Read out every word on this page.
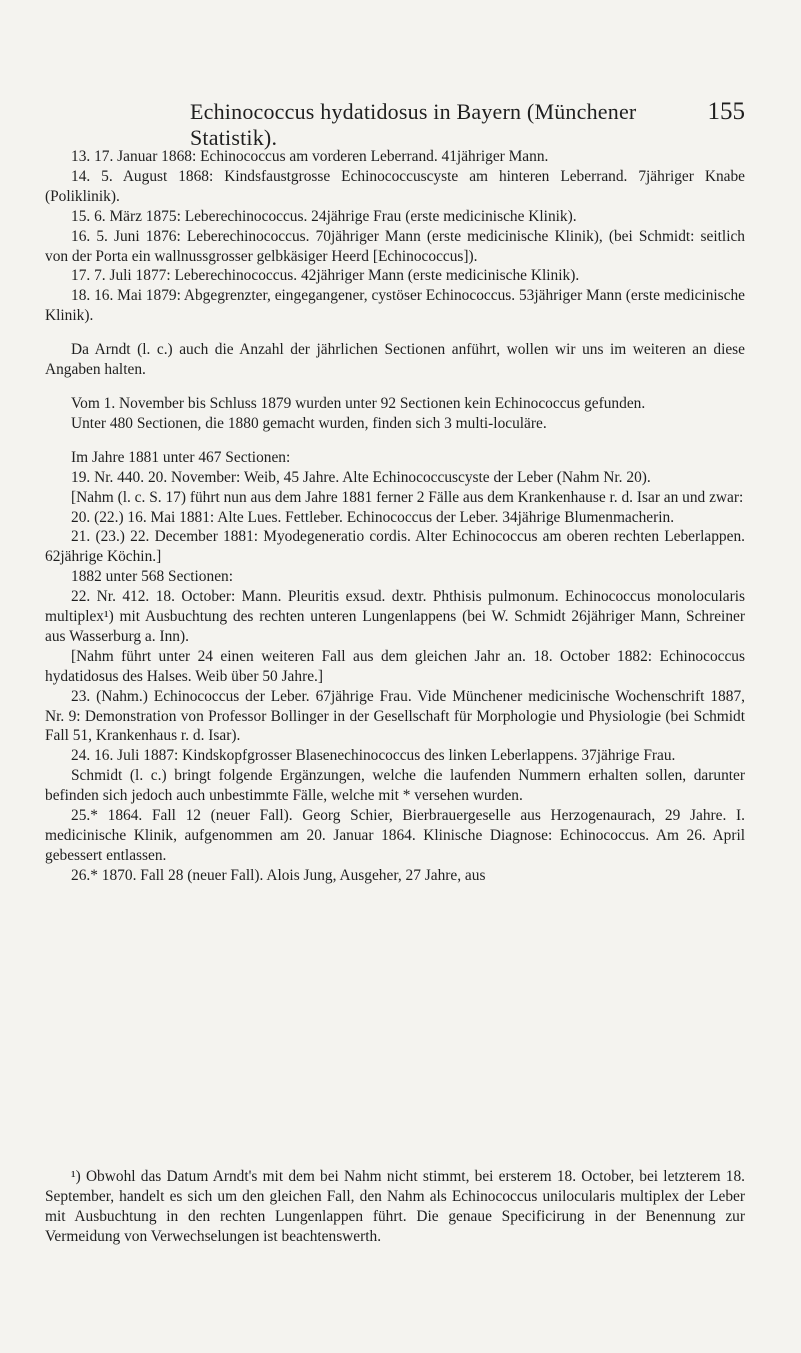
Echinococcus hydatidosus in Bayern (Münchener Statistik).
155

13. 17. Januar 1868: Echinococcus am vorderen Leberrand. 41jähriger Mann.

14. 5. August 1868: Kindsfaustgrosse Echinococcuscyste am hinteren Leberrand. 7jähriger Knabe (Poliklinik).

15. 6. März 1875: Leberechinococcus. 24jährige Frau (erste medicinische Klinik).

16. 5. Juni 1876: Leberechinococcus. 70jähriger Mann (erste medicinische Klinik), (bei Schmidt: seitlich von der Porta ein wallnussgrosser gelbkäsiger Heerd [Echinococcus]).

17. 7. Juli 1877: Leberechinococcus. 42jähriger Mann (erste medicinische Klinik).

18. 16. Mai 1879: Abgegrenzter, eingegangener, cystöser Echinococcus. 53jähriger Mann (erste medicinische Klinik).

Da Arndt (l. c.) auch die Anzahl der jährlichen Sectionen anführt, wollen wir uns im weiteren an diese Angaben halten.

Vom 1. November bis Schluss 1879 wurden unter 92 Sectionen kein Echinococcus gefunden.

Unter 480 Sectionen, die 1880 gemacht wurden, finden sich 3 multi-loculäre.

Im Jahre 1881 unter 467 Sectionen:

19. Nr. 440. 20. November: Weib, 45 Jahre. Alte Echinococcuscyste der Leber (Nahm Nr. 20).

[Nahm (l. c. S. 17) führt nun aus dem Jahre 1881 ferner 2 Fälle aus dem Krankenhause r. d. Isar an und zwar:

20. (22.) 16. Mai 1881: Alte Lues. Fettleber. Echinococcus der Leber. 34jährige Blumenmacherin.

21. (23.) 22. December 1881: Myodegeneratio cordis. Alter Echinococcus am oberen rechten Leberlappen. 62jährige Köchin.]

1882 unter 568 Sectionen:

22. Nr. 412. 18. October: Mann. Pleuritis exsud. dextr. Phthisis pulmonum. Echinococcus monolocularis multiplex¹) mit Ausbuchtung des rechten unteren Lungenlappens (bei W. Schmidt 26jähriger Mann, Schreiner aus Wasserburg a. Inn).

[Nahm führt unter 24 einen weiteren Fall aus dem gleichen Jahr an. 18. October 1882: Echinococcus hydatidosus des Halses. Weib über 50 Jahre.]

23. (Nahm.) Echinococcus der Leber. 67jährige Frau. Vide Münchener medicinische Wochenschrift 1887, Nr. 9: Demonstration von Professor Bollinger in der Gesellschaft für Morphologie und Physiologie (bei Schmidt Fall 51, Krankenhaus r. d. Isar).

24. 16. Juli 1887: Kindskopfgrosser Blasenechinococcus des linken Leberlappens. 37jährige Frau.

Schmidt (l. c.) bringt folgende Ergänzungen, welche die laufenden Nummern erhalten sollen, darunter befinden sich jedoch auch unbestimmte Fälle, welche mit * versehen wurden.

25.* 1864. Fall 12 (neuer Fall). Georg Schier, Bierbrauergeselle aus Herzogenaurach, 29 Jahre. I. medicinische Klinik, aufgenommen am 20. Januar 1864. Klinische Diagnose: Echinococcus. Am 26. April gebessert entlassen.

26.* 1870. Fall 28 (neuer Fall). Alois Jung, Ausgeher, 27 Jahre, aus

¹) Obwohl das Datum Arndt's mit dem bei Nahm nicht stimmt, bei ersterem 18. October, bei letzterem 18. September, handelt es sich um den gleichen Fall, den Nahm als Echinococcus unilocularis multiplex der Leber mit Ausbuchtung in den rechten Lungenlappen führt. Die genaue Specificirung in der Benennung zur Vermeidung von Verwechselungen ist beachtenswerth.
